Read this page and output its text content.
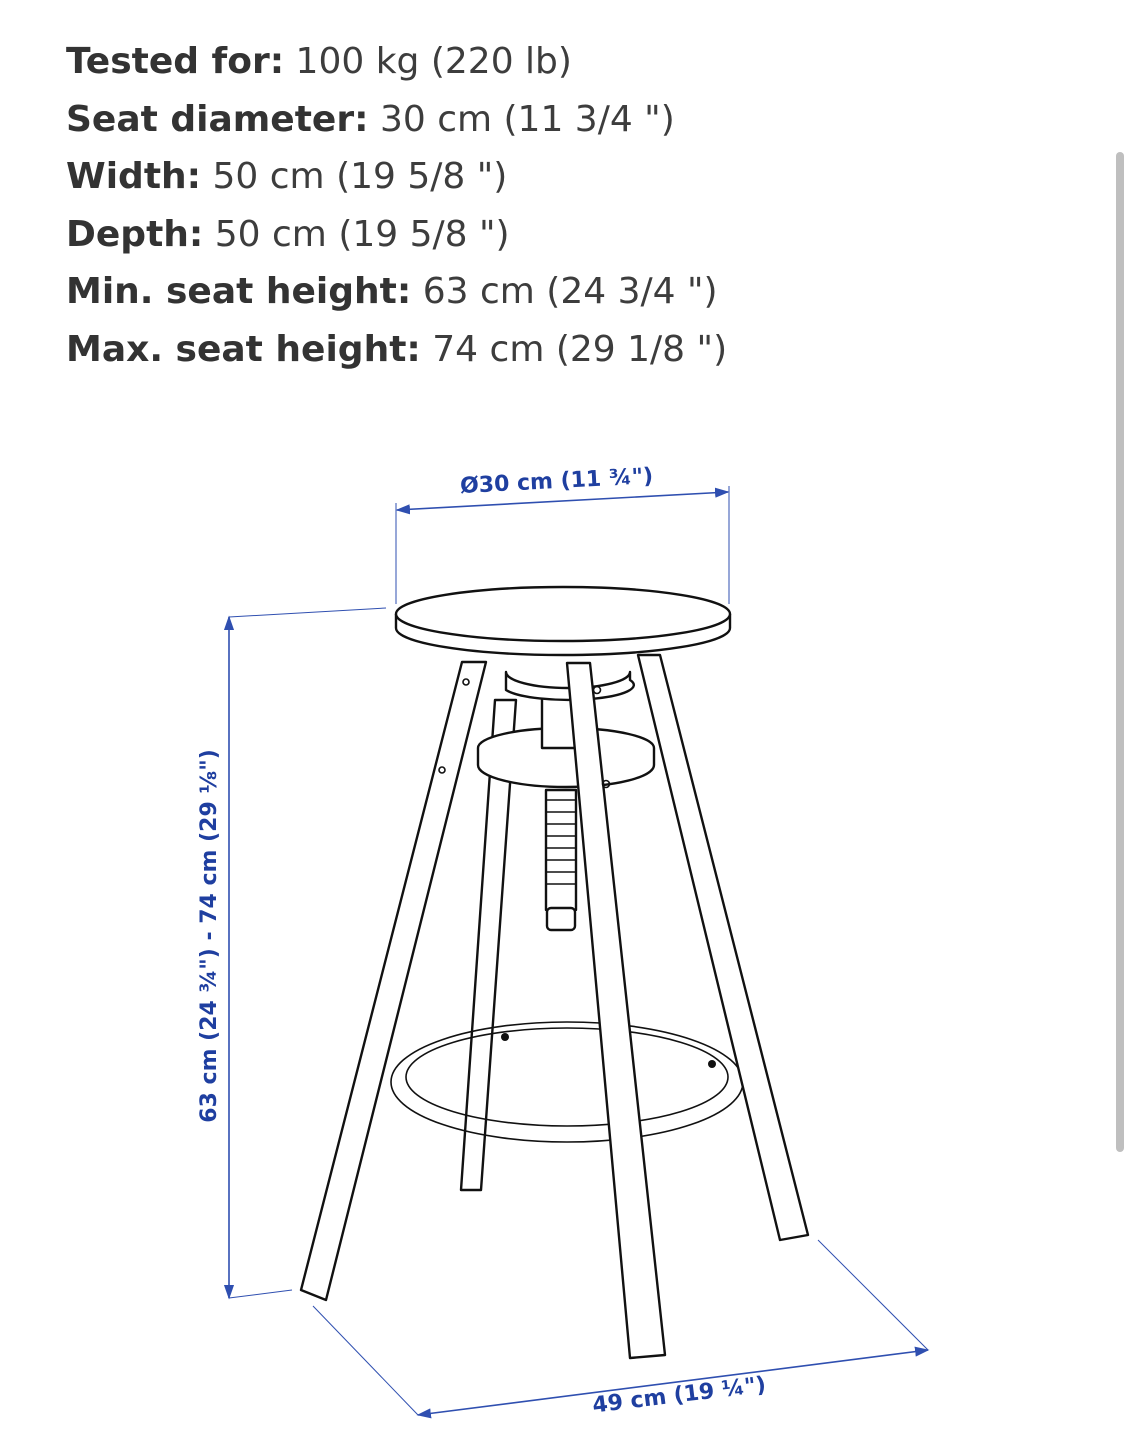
Tested for: 100 kg (220 lb)
Seat diameter: 30 cm (11 3/4 ")
Width: 50 cm (19 5/8 ")
Depth: 50 cm (19 5/8 ")
Min. seat height: 63 cm (24 3/4 ")
Max. seat height: 74 cm (29 1/8 ")
Ø30 cm (11 ¾")
63 cm (24 ¾") - 74 cm (29 ⅛")
49 cm (19 ¼")
